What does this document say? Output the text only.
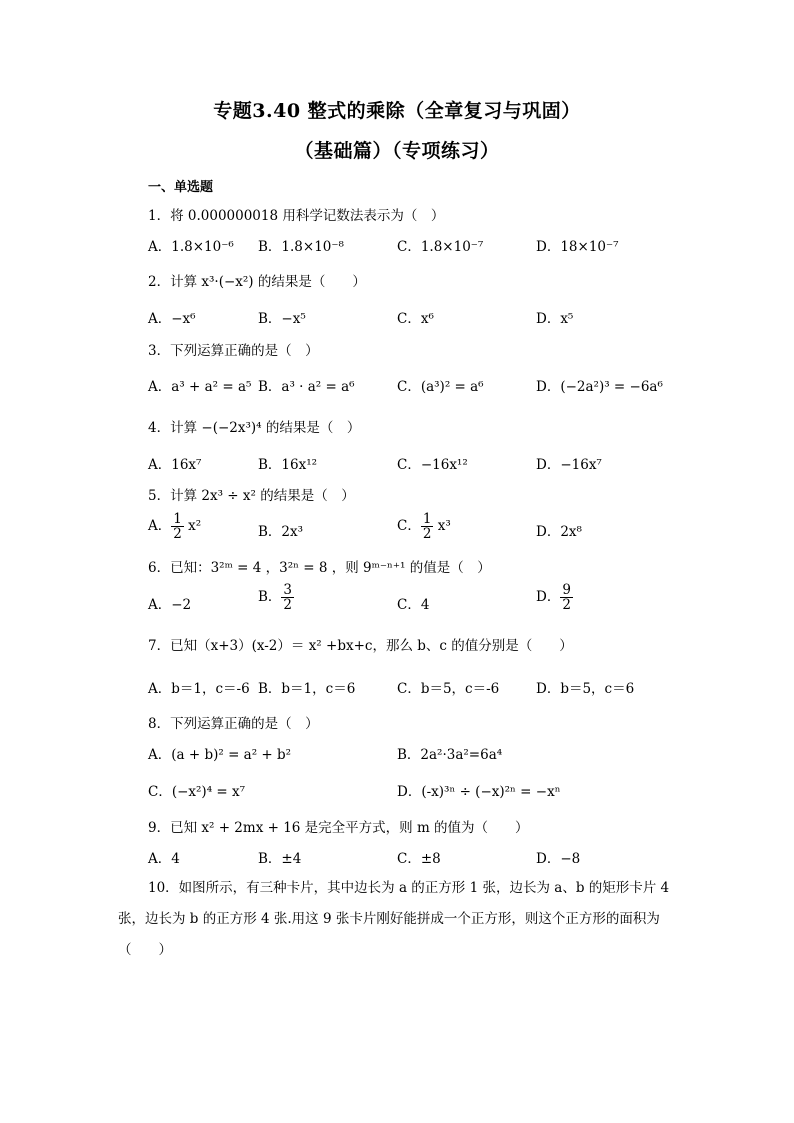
专题3.40 整式的乘除（全章复习与巩固）
（基础篇）（专项练习）
一、单选题
1．将 0.000000018 用科学记数法表示为（　）
A．1.8×10⁻⁶ B．1.8×10⁻⁸	C．1.8×10⁻⁷	D．18×10⁻⁷
2．计算 x³·(−x²) 的结果是（　　）
A．−x⁶	B．−x⁵	C．x⁶	D．x⁵
3．下列运算正确的是（　）
A．a³ + a² = a⁵ B．a³ · a² = a⁶	C．(a³)² = a⁶	D．(−2a²)³ = −6a⁶
4．计算 −(−2x³)⁴ 的结果是（　）
A．16x⁷	B．16x¹²	C．−16x¹²	D．−16x⁷
5．计算 2x³ ÷ x² 的结果是（　）
A． $\frac{1}{2} x^2$	B．2x³	C． $\frac{1}{2} x^3$	D．2x⁸
6．已知：3²ᵐ = 4 ，3²ⁿ = 8 ，则 9ᵐ⁻ⁿ⁺¹ 的值是（　）
A．−2	B． $\frac{3}{2}$	C．4	D． $\frac{9}{2}$
7．已知（x+3）(x-2）＝ x² +bx+c，那么 b、c 的值分别是（　　）
A．b＝1，c＝-6 B．b＝1，c＝6	C．b＝5，c＝-6	D．b＝5，c＝6
8．下列运算正确的是（　）
A．(a + b)² = a² + b²	B．2a²·3a²=6a⁴
C．(−x²)⁴ = x⁷	D．(-x)³ⁿ ÷ (−x)²ⁿ = −xⁿ
9．已知 x² + 2mx + 16 是完全平方式，则 m 的值为（　　）
A．4	B．±4	C．±8	D．−8
10．如图所示，有三种卡片，其中边长为 a 的正方形 1 张，边长为 a、b 的矩形卡片 4
张，边长为 b 的正方形 4 张.用这 9 张卡片刚好能拼成一个正方形，则这个正方形的面积为
（　　）
